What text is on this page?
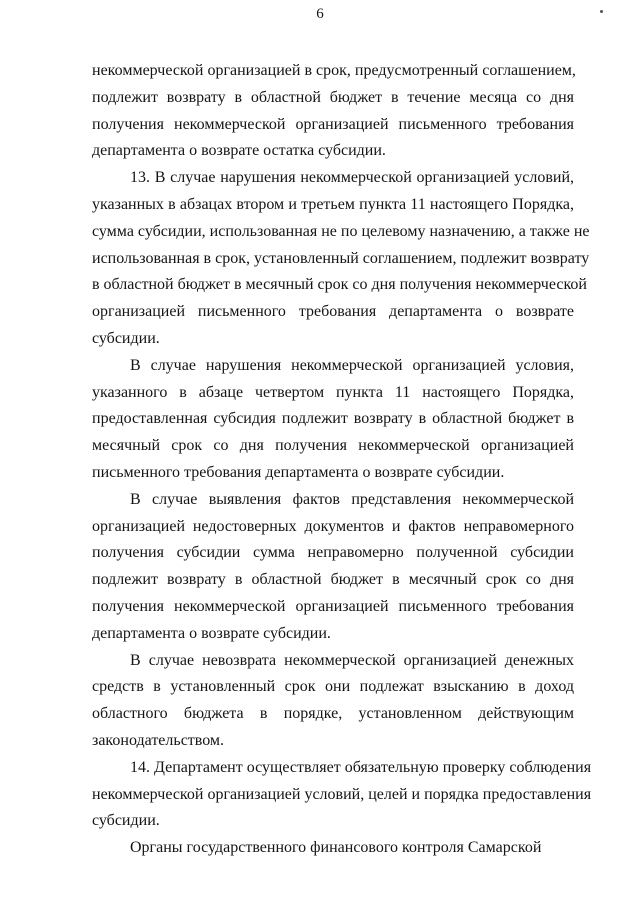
6
некоммерческой организацией в срок, предусмотренный соглашением,
подлежит возврату в областной бюджет в течение месяца со дня
получения некоммерческой организацией письменного требования
департамента о возврате остатка субсидии.
13. В случае нарушения некоммерческой организацией условий,
указанных в абзацах втором и третьем пункта 11 настоящего Порядка,
сумма субсидии, использованная не по целевому назначению, а также не
использованная в срок, установленный соглашением, подлежит возврату
в областной бюджет в месячный срок со дня получения некоммерческой
организацией письменного требования департамента о возврате
субсидии.
В случае нарушения некоммерческой организацией условия,
указанного в абзаце четвертом пункта 11 настоящего Порядка,
предоставленная субсидия подлежит возврату в областной бюджет в
месячный срок со дня получения некоммерческой организацией
письменного требования департамента о возврате субсидии.
В случае выявления фактов представления некоммерческой
организацией недостоверных документов и фактов неправомерного
получения субсидии сумма неправомерно полученной субсидии
подлежит возврату в областной бюджет в месячный срок со дня
получения некоммерческой организацией письменного требования
департамента о возврате субсидии.
В случае невозврата некоммерческой организацией денежных
средств в установленный срок они подлежат взысканию в доход
областного бюджета в порядке, установленном действующим
законодательством.
14. Департамент осуществляет обязательную проверку соблюдения
некоммерческой организацией условий, целей и порядка предоставления
субсидии.
Органы государственного финансового контроля Самарской
